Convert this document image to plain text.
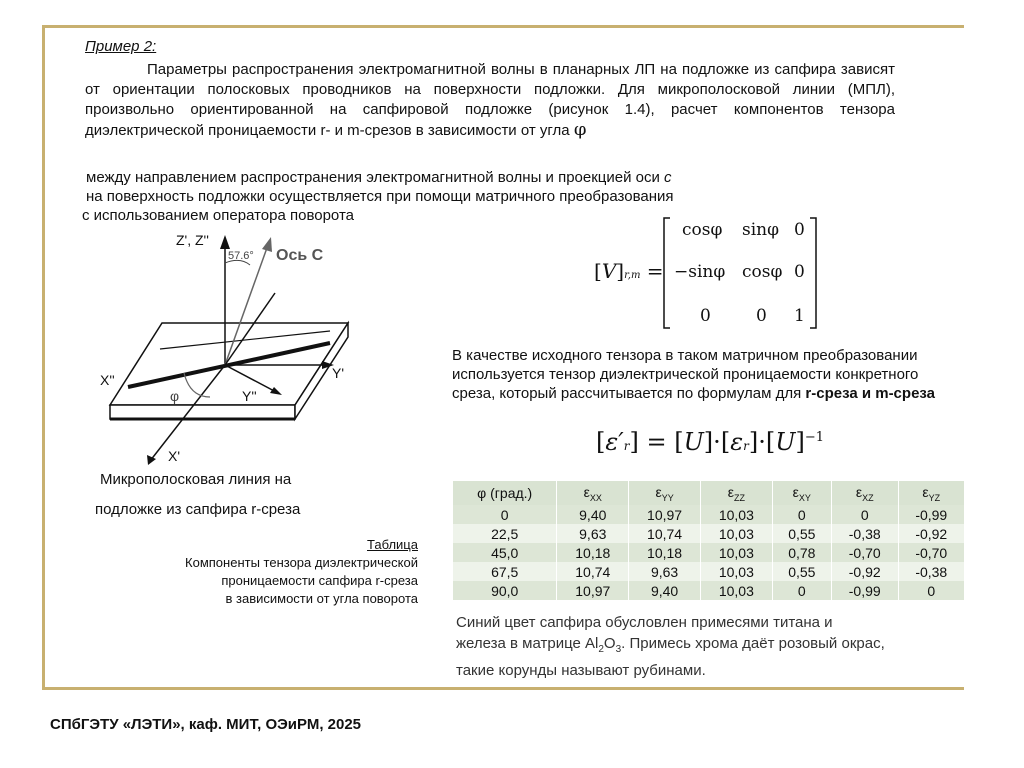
Пример 2:
Параметры распространения электромагнитной волны в планарных ЛП на подложке из сапфира зависят от ориентации полосковых проводников на поверхности подложки. Для микрополосковой линии (МПЛ), произвольно ориентированной на сапфировой подложке (рисунок 1.4), расчет компонентов тензора диэлектрической проницаемости r- и m-срезов в зависимости от угла φ
между направлением распространения электромагнитной волны и проекцией оси с
на поверхность подложки осуществляется при помощи матричного преобразования
с использованием оператора поворота
Z', Z''
57.6° Ось С
X''	Y'
Y''
φ
X'
Микрополосковая линия на
подложке из сапфира r-среза
[V]r,m =
cosφ sinφ 0
−sinφ cosφ 0
0	0 1
В качестве исходного тензора в таком матричном преобразовании используется тензор диэлектрической проницаемости конкретного среза, который рассчитывается по формулам для r-среза и m-среза
$[\varepsilon'r] = [U]\cdot[\varepsilon r]\cdot[U]^{-1}$
Таблица
Компоненты тензора диэлектрической
проницаемости сапфира r-среза
в зависимости от угла поворота
φ (град.)	$\varepsilon_{XX}$	$\varepsilon_{YY}$	$\varepsilon_{ZZ}$	$\varepsilon_{XY}$	$\varepsilon_{XZ}$	$\varepsilon_{YZ}$
0	9,40	10,97	10,03	0	0	-0,99
22,5	9,63	10,74	10,03	0,55	-0,38	-0,92
45,0	10,18	10,18	10,03	0,78	-0,70	-0,70
67,5	10,74	9,63	10,03	0,55	-0,92	-0,38
90,0	10,97	9,40	10,03	0	-0,99	0
Синий цвет сапфира обусловлен примесями титана и
железа в матрице $Al_2O_3$. Примесь хрома даёт розовый окрас,
такие корунды называют рубинами.
СПбГЭТУ «ЛЭТИ», каф. МИТ, ОЭиРМ, 2025
